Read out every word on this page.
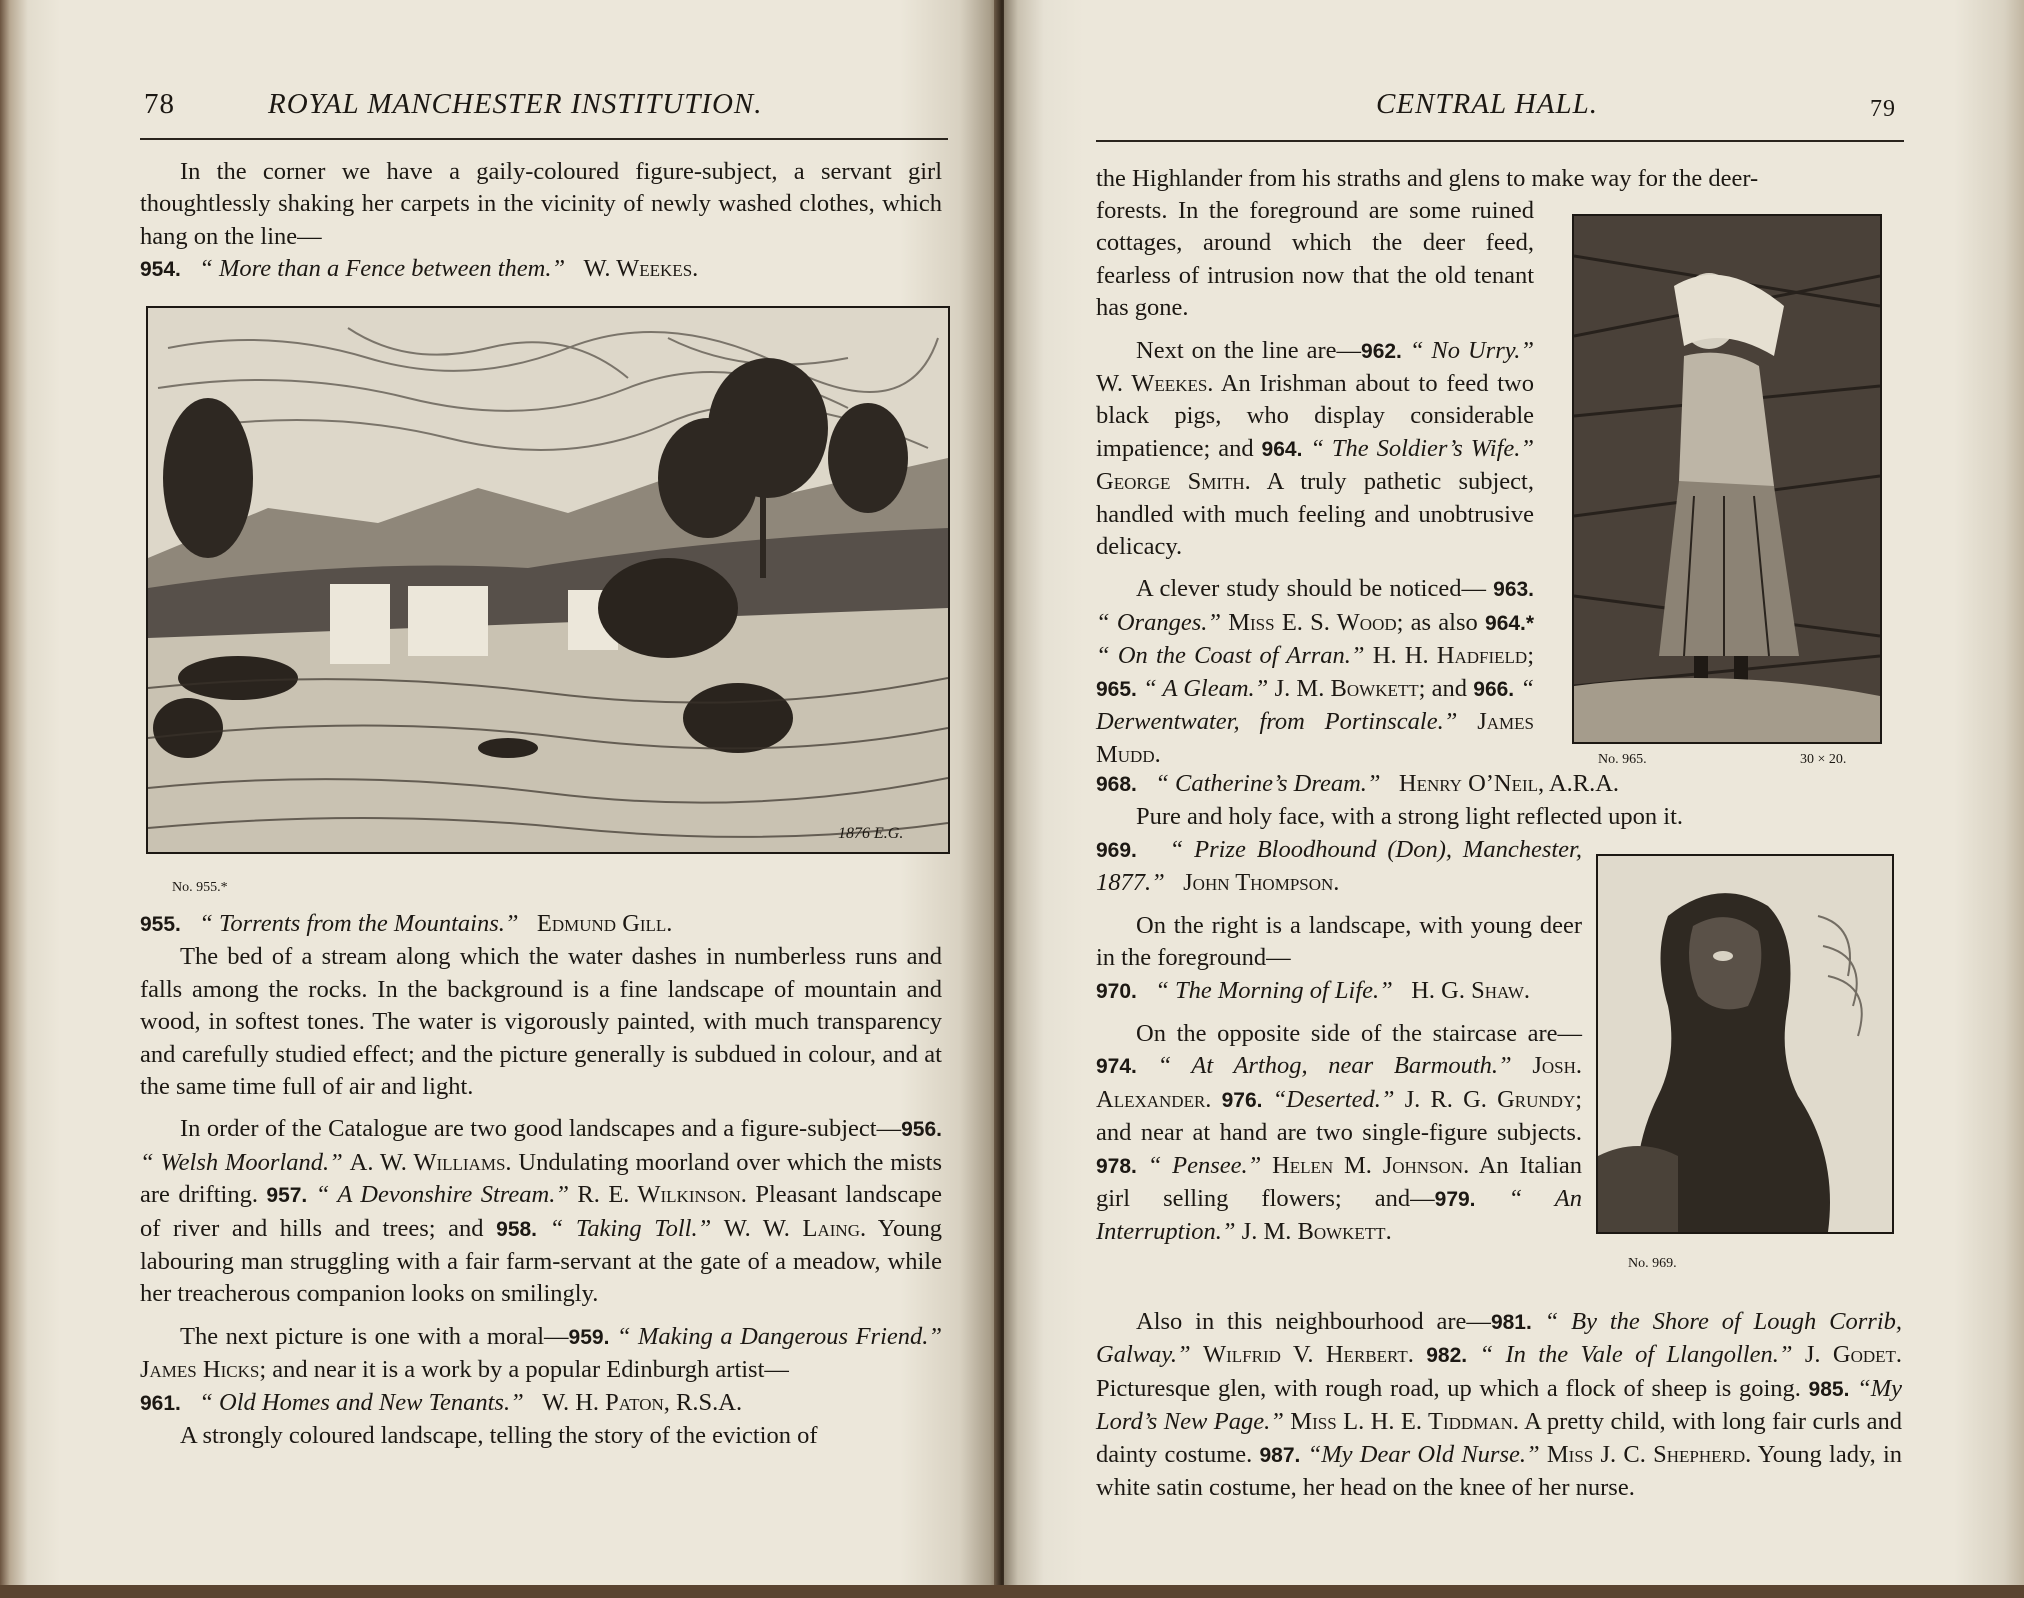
78	ROYAL MANCHESTER INSTITUTION.

In the corner we have a gaily-coloured figure-subject, a servant girl thoughtlessly shaking her carpets in the vicinity of newly washed clothes, which hang on the line—

954. “ More than a Fence between them.” W. Weekes.

1876 E.G.
No. 955.*

955. “ Torrents from the Mountains.” Edmund Gill.

The bed of a stream along which the water dashes in numberless runs and falls among the rocks. In the background is a fine landscape of mountain and wood, in softest tones. The water is vigorously painted, with much transparency and carefully studied effect; and the picture generally is subdued in colour, and at the same time full of air and light.

In order of the Catalogue are two good landscapes and a figure-subject—956. “ Welsh Moorland.” A. W. Williams. Undulating moorland over which the mists are drifting. 957. “ A Devonshire Stream.” R. E. Wilkinson. Pleasant landscape of river and hills and trees; and 958. “ Taking Toll.” W. W. Laing. Young labouring man struggling with a fair farm-servant at the gate of a meadow, while her treacherous companion looks on smilingly.

The next picture is one with a moral—959. “ Making a Dangerous Friend.” James Hicks; and near it is a work by a popular Edinburgh artist—

961. “ Old Homes and New Tenants.” W. H. Paton, R.S.A.

A strongly coloured landscape, telling the story of the eviction of

CENTRAL HALL.	79
the Highlander from his straths and glens to make way for the deer-

forests. In the foreground are some ruined cottages, around which the deer feed, fearless of intrusion now that the old tenant has gone.

Next on the line are—962. “ No Urry.” W. Weekes. An Irishman about to feed two black pigs, who display considerable impatience; and 964. “ The Soldier’s Wife.” George Smith. A truly pathetic subject, handled with much feeling and unobtrusive delicacy.

A clever study should be noticed— 963. “ Oranges.” Miss E. S. Wood; as also 964.* “ On the Coast of Arran.” H. H. Hadfield; 965. “ A Gleam.” J. M. Bowkett; and 966. “ Derwentwater, from Portinscale.” James Mudd.	No. 965.	30 × 20.

968. “ Catherine’s Dream.” Henry O’Neil, A.R.A.

Pure and holy face, with a strong light reflected upon it.

969. “ Prize Bloodhound (Don), Manchester, 1877.” John Thompson.

On the right is a landscape, with young deer in the foreground—

970. “ The Morning of Life.” H. G. Shaw.

On the opposite side of the staircase are—974. “ At Arthog, near Barmouth.” Josh. Alexander. 976. “Deserted.” J. R. G. Grundy; and near at hand are two single-figure subjects. 978. “ Pensee.” Helen M. Johnson. An Italian girl selling flowers; and—979. “ An Interruption.” J. M. Bowkett.

No. 969.

Also in this neighbourhood are—981. “ By the Shore of Lough Corrib, Galway.” Wilfrid V. Herbert. 982. “ In the Vale of Llangollen.” J. Godet. Picturesque glen, with rough road, up which a flock of sheep is going. 985. “My Lord’s New Page.” Miss L. H. E. Tiddman. A pretty child, with long fair curls and dainty costume. 987. “My Dear Old Nurse.” Miss J. C. Shepherd. Young lady, in white satin costume, her head on the knee of her nurse.
